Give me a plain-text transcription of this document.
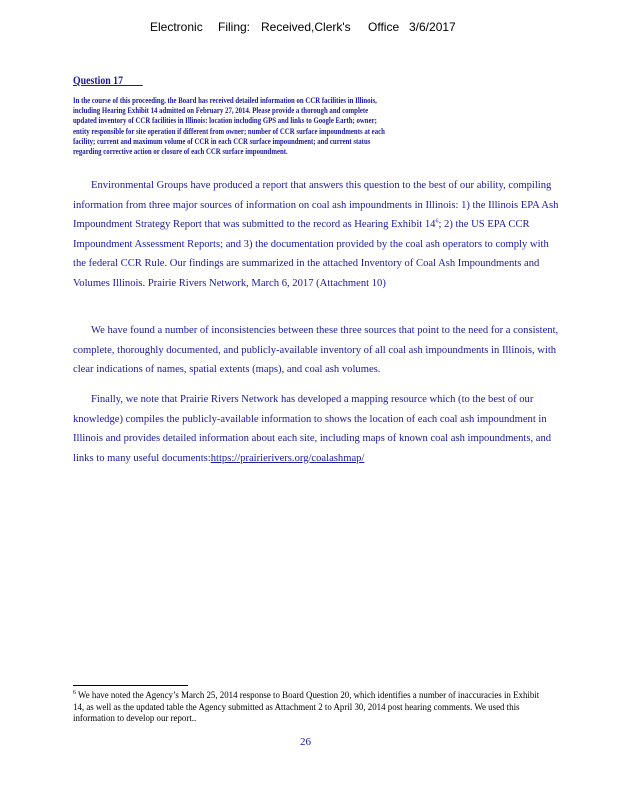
Electronic Filing: Received,Clerk's Office 3/6/2017
Question 17
In the course of this proceeding, the Board has received detailed information on CCR facilities in Illinois, including Hearing Exhibit 14 admitted on February 27, 2014. Please provide a thorough and complete updated inventory of CCR facilities in Illinois: location including GPS and links to Google Earth; owner; entity responsible for site operation if different from owner; number of CCR surface impoundments at each facility; current and maximum volume of CCR in each CCR surface impoundment; and current status regarding corrective action or closure of each CCR surface impoundment.

Environmental Groups have produced a report that answers this question to the best of our ability, compiling information from three major sources of information on coal ash impoundments in Illinois: 1) the Illinois EPA Ash Impoundment Strategy Report that was submitted to the record as Hearing Exhibit $14^6$; 2) the US EPA CCR Impoundment Assessment Reports; and 3) the documentation provided by the coal ash operators to comply with the federal CCR Rule. Our findings are summarized in the attached Inventory of Coal Ash Impoundments and Volumes Illinois. Prairie Rivers Network, March 6, 2017 (Attachment 10)

We have found a number of inconsistencies between these three sources that point to the need for a consistent, complete, thoroughly documented, and publicly-available inventory of all coal ash impoundments in Illinois, with clear indications of names, spatial extents (maps), and coal ash volumes.

Finally, we note that Prairie Rivers Network has developed a mapping resource which (to the best of our knowledge) compiles the publicly-available information to shows the location of each coal ash impoundment in Illinois and provides detailed information about each site, including maps of known coal ash impoundments, and links to many useful documents:https://prairierivers.org/coalashmap/

$^6$ We have noted the Agency’s March 25, 2014 response to Board Question 20, which identifies a number of inaccuracies in Exhibit 14, as well as the updated table the Agency submitted as Attachment 2 to April 30, 2014 post hearing comments. We used this information to develop our report..

26
